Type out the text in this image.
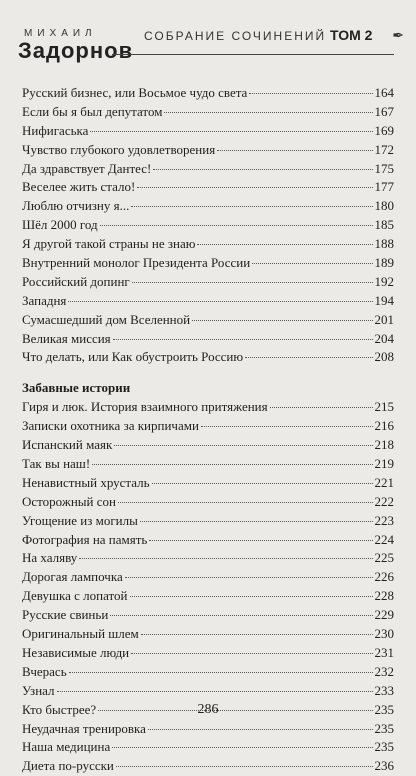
МИХАИЛ
Задорнов
СОБРАНИЕ СОЧИНЕНИЙ ТОМ 2 ✒
Русский бизнес, или Восьмое чудо света	164
Если бы я был депутатом	167
Нифигаська	169
Чувство глубокого удовлетворения	172
Да здравствует Дантес!	175
Веселее жить стало!	177
Люблю отчизну я...	180
Шёл 2000 год	185
Я другой такой страны не знаю	188
Внутренний монолог Президента России	189
Российский допинг	192
Западня	194
Сумасшедший дом Вселенной	201
Великая миссия	204
Что делать, или Как обустроить Россию	208
Забавные истории
Гиря и люк. История взаимного притяжения	215
Записки охотника за кирпичами	216
Испанский маяк	218
Так вы наш!	219
Ненавистный хрусталь	221
Осторожный сон	222
Угощение из могилы	223
Фотография на память	224
На халяву	225
Дорогая лампочка	226
Девушка с лопатой	228
Русские свиньи	229
Оригинальный шлем	230
Независимые люди	231
Вчерась	232
Узнал	233
Кто быстрее?	235
Неудачная тренировка	235
Наша медицина	235
Диета по-русски	236
286
